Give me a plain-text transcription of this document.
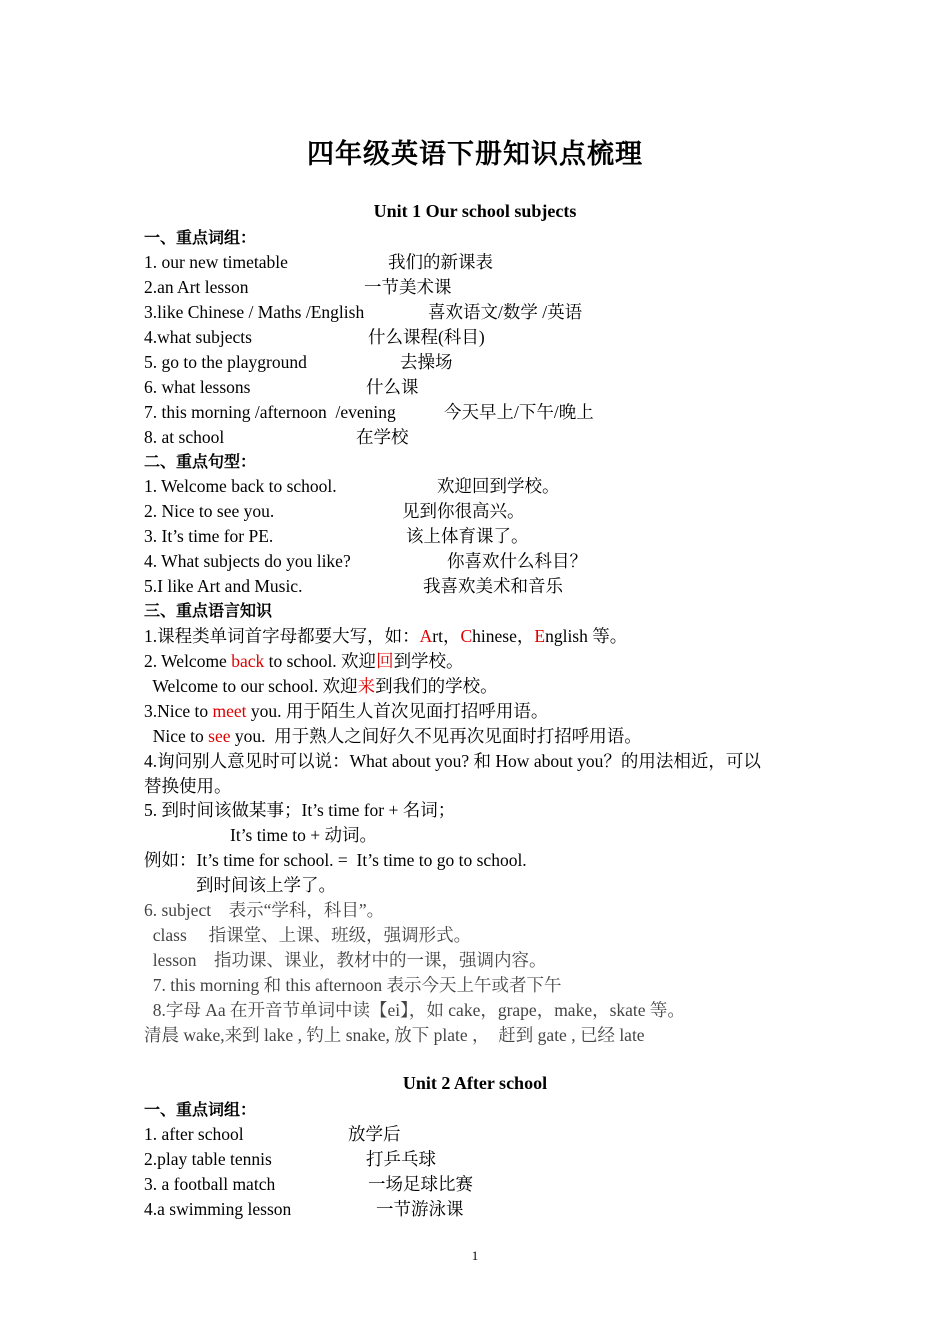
四年级英语下册知识点梳理
Unit 1 Our school subjects
一、重点词组：
1. our new timetable	我们的新课表
2.an Art lesson	一节美术课
3.like Chinese / Maths /English	喜欢语文/数学 /英语
4.what subjects	什么课程(科目)
5. go to the playground	去操场
6. what lessons	什么课
7. this morning /afternoon  /evening	今天早上/下午/晚上
8. at school	在学校
二、重点句型：
1. Welcome back to school.	欢迎回到学校。
2. Nice to see you.	见到你很高兴。
3. It’s time for PE.	该上体育课了。
4. What subjects do you like?	你喜欢什么科目？
5.I like Art and Music.	我喜欢美术和音乐
三、重点语言知识
1.课程类单词首字母都要大写，如：Art，Chinese，English 等。
2. Welcome back to school. 欢迎回到学校。
Welcome to our school. 欢迎来到我们的学校。
3.Nice to meet you. 用于陌生人首次见面打招呼用语。
Nice to see you.  用于熟人之间好久不见再次见面时打招呼用语。
4.询问别人意见时可以说：What about you? 和 How about you？的用法相近，可以
替换使用。
5. 到时间该做某事；It’s time for + 名词；
It’s time to + 动词。
例如：It’s time for school. =  It’s time to go to school.
到时间该上学了。
6. subject    表示“学科，科目”。
class     指课堂、上课、班级，强调形式。
lesson    指功课、课业，教材中的一课，强调内容。
7. this morning 和 this afternoon 表示今天上午或者下午
8.字母 Aa 在开音节单词中读【ei】，如 cake，grape，make，skate 等。
清晨 wake,来到 lake , 钓上 snake, 放下 plate ，  赶到 gate , 已经 late
Unit 2 After school
一、重点词组：
1. after school	放学后
2.play table tennis	打乒乓球
3. a football match	一场足球比赛
4.a swimming lesson	一节游泳课
1
